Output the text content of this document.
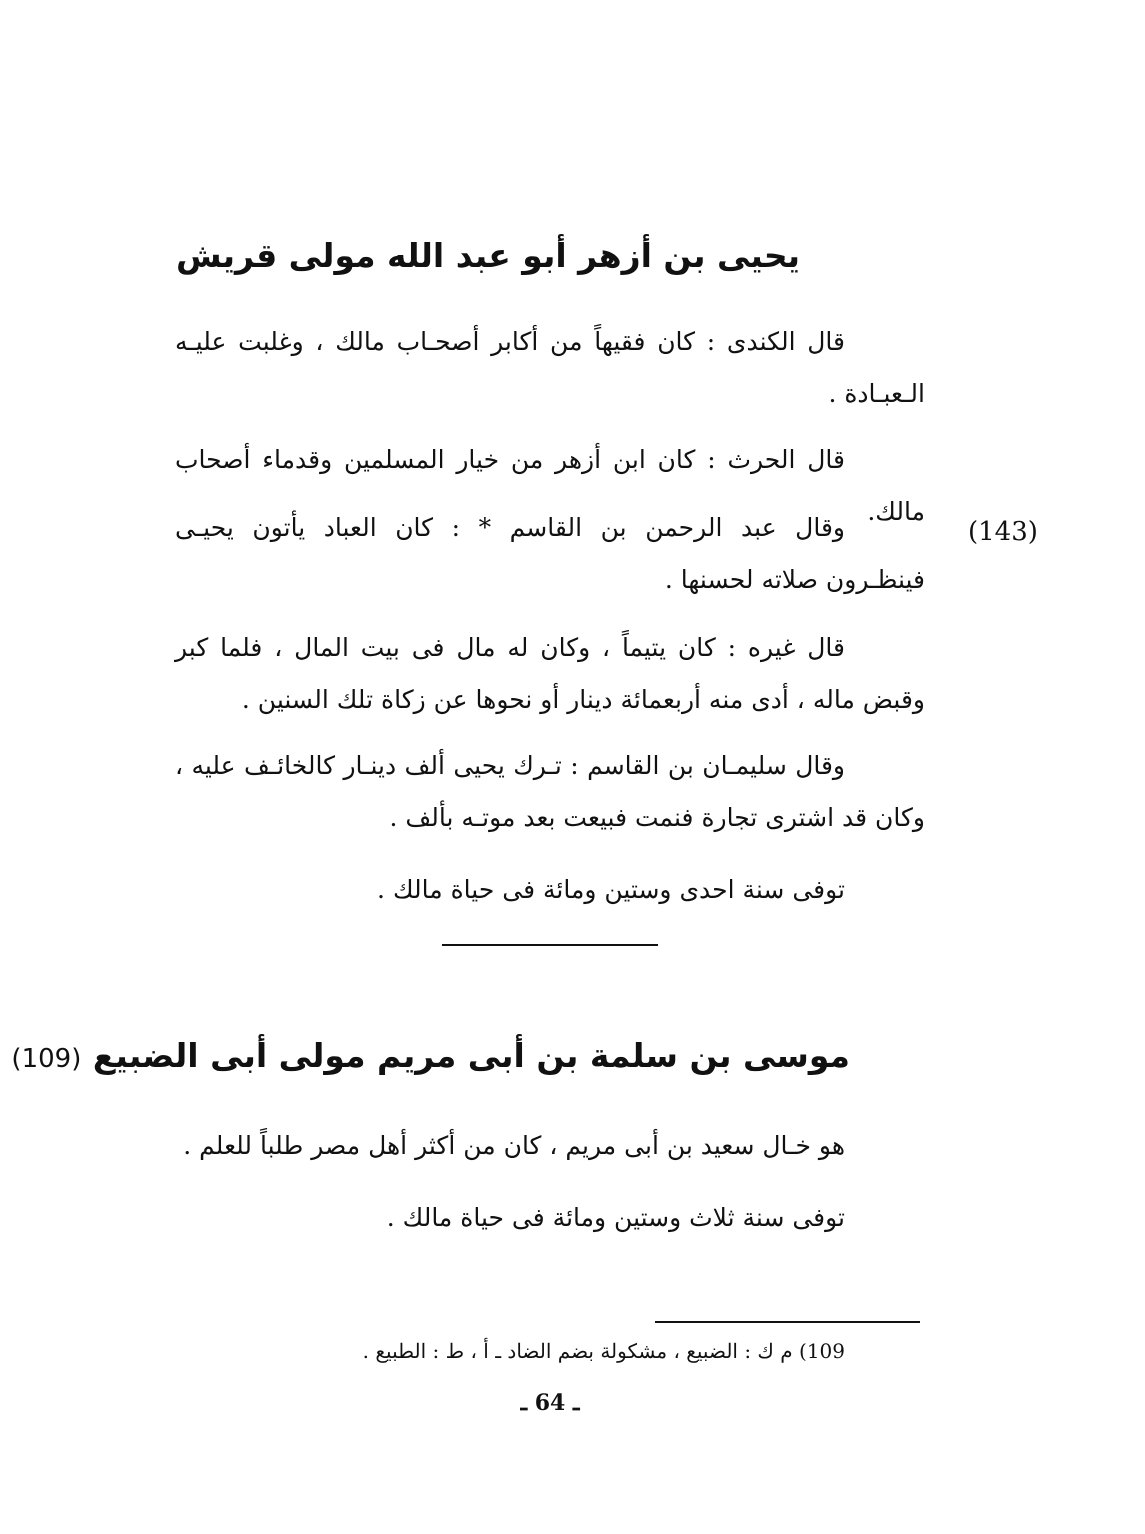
يحيى بن أزهر أبو عبد الله مولى قريش
قال الكندى : كان فقيهاً من أكابر أصحـاب مالك ، وغلبت عليـه الـعبـادة .
قال الحرث : كان ابن أزهر من خيار المسلمين وقدماء أصحاب مالك.
وقال عبد الرحمن بن القاسم * : كان العباد يأتون يحيـى فينظـرون صلاته لحسنها .
(143)
قال غيره : كان يتيماً ، وكان له مال فى بيت المال ، فلما كبر وقبض ماله ، أدى منه أربعمائة دينار أو نحوها عن زكاة تلك السنين .
وقال سليمـان بن القاسم : تـرك يحيى ألف دينـار كالخائـف عليه ، وكان قد اشترى تجارة فنمت فبيعت بعد موتـه بألف .
توفى سنة احدى وستين ومائة فى حياة مالك .
موسى بن سلمة بن أبى مريم مولى أبى الضبيع (109)
هو خـال سعيد بن أبى مريم ، كان من أكثر أهل مصر طلباً للعلم .
توفى سنة ثلاث وستين ومائة فى حياة مالك .
109) م ك : الضبيع ، مشكولة بضم الضاد ـ أ ، ط : الطبيع .
ـ 64 ـ
